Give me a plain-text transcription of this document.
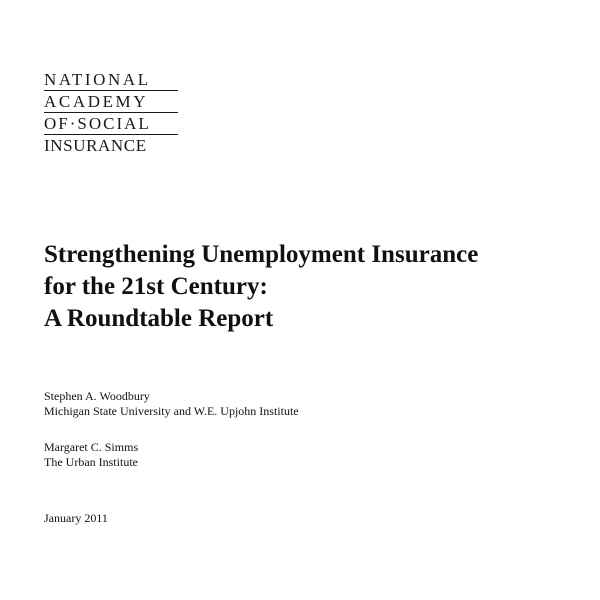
NATIONAL
ACADEMY
OF·SOCIAL
INSURANCE
Strengthening Unemployment Insurance
for the 21st Century:
A Roundtable Report
Stephen A. Woodbury
Michigan State University and W.E. Upjohn Institute
Margaret C. Simms
The Urban Institute
January 2011
